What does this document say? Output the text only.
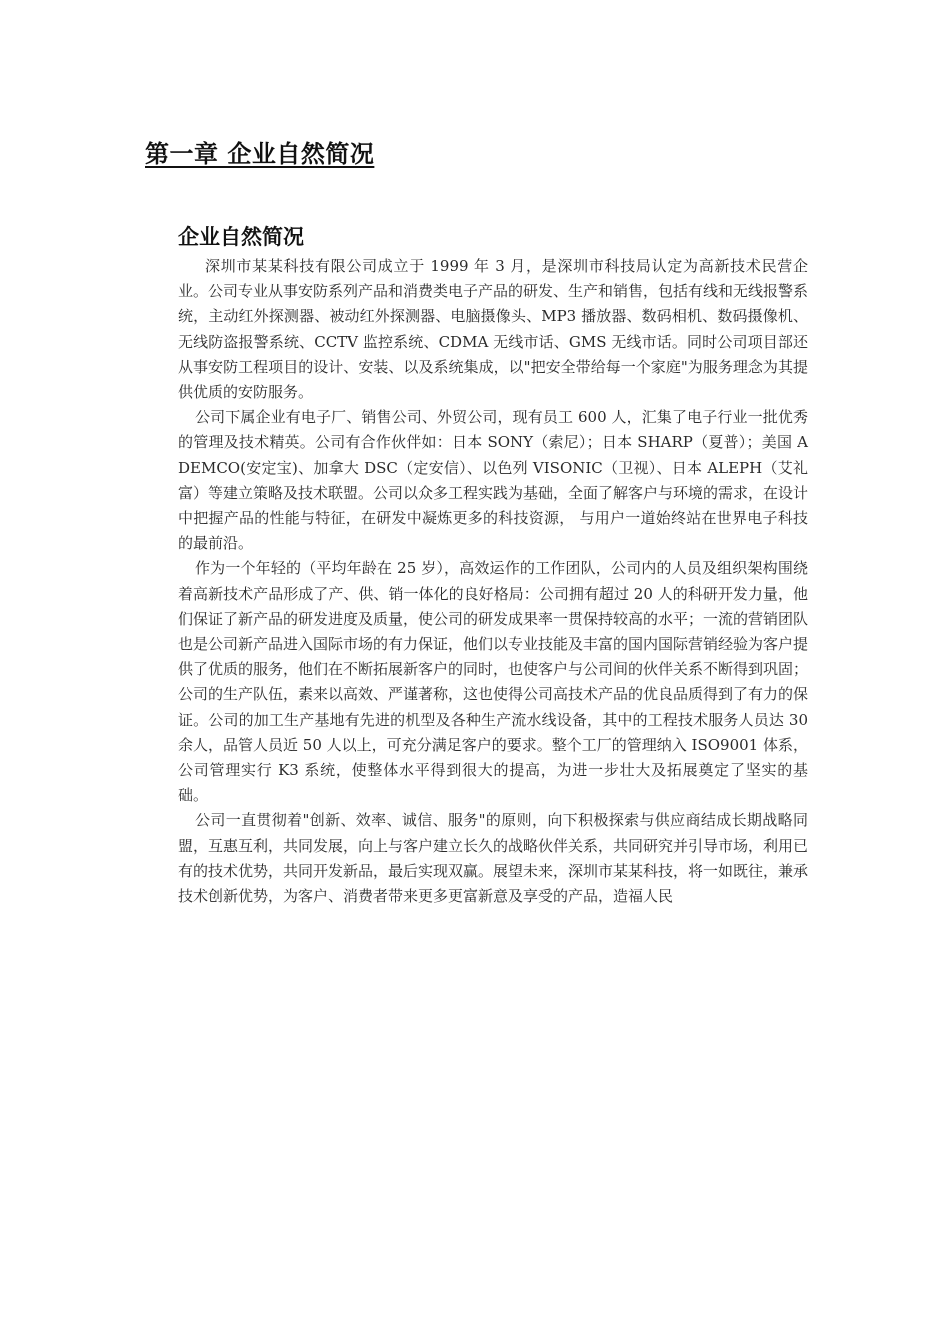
第一章 企业自然简况
企业自然简况

深圳市某某科技有限公司成立于 1999 年 3 月，是深圳市科技局认定为高新技术民营企业。公司专业从事安防系列产品和消费类电子产品的研发、生产和销售，包括有线和无线报警系统，主动红外探测器、被动红外探测器、电脑摄像头、MP3 播放器、数码相机、数码摄像机、无线防盗报警系统、CCTV 监控系统、CDMA 无线市话、GMS 无线市话。同时公司项目部还从事安防工程项目的设计、安装、以及系统集成，以"把安全带给每一个家庭"为服务理念为其提供优质的安防服务。

公司下属企业有电子厂、销售公司、外贸公司，现有员工 600 人，汇集了电子行业一批优秀的管理及技术精英。公司有合作伙伴如：日本 SONY（索尼）；日本 SHARP（夏普）；美国 ADEMCO(安定宝)、加拿大 DSC（定安信）、以色列 VISONIC（卫视）、日本 ALEPH（艾礼富）等建立策略及技术联盟。公司以众多工程实践为基础，全面了解客户与环境的需求，在设计中把握产品的性能与特征，在研发中凝炼更多的科技资源， 与用户一道始终站在世界电子科技的最前沿。

作为一个年轻的（平均年龄在 25 岁），高效运作的工作团队，公司内的人员及组织架构围绕着高新技术产品形成了产、供、销一体化的良好格局：公司拥有超过 20 人的科研开发力量，他们保证了新产品的研发进度及质量，使公司的研发成果率一贯保持较高的水平；一流的营销团队也是公司新产品进入国际市场的有力保证，他们以专业技能及丰富的国内国际营销经验为客户提供了优质的服务，他们在不断拓展新客户的同时，也使客户与公司间的伙伴关系不断得到巩固；公司的生产队伍，素来以高效、严谨著称，这也使得公司高技术产品的优良品质得到了有力的保证。公司的加工生产基地有先进的机型及各种生产流水线设备，其中的工程技术服务人员达 30 余人，品管人员近 50 人以上，可充分满足客户的要求。整个工厂的管理纳入 ISO9001 体系，公司管理实行 K3 系统，使整体水平得到很大的提高，为进一步壮大及拓展奠定了坚实的基础。

公司一直贯彻着"创新、效率、诚信、服务"的原则，向下积极探索与供应商结成长期战略同盟，互惠互利，共同发展，向上与客户建立长久的战略伙伴关系，共同研究并引导市场，利用已有的技术优势，共同开发新品，最后实现双赢。展望未来，深圳市某某科技，将一如既往，兼承技术创新优势，为客户、消费者带来更多更富新意及享受的产品，造福人民
